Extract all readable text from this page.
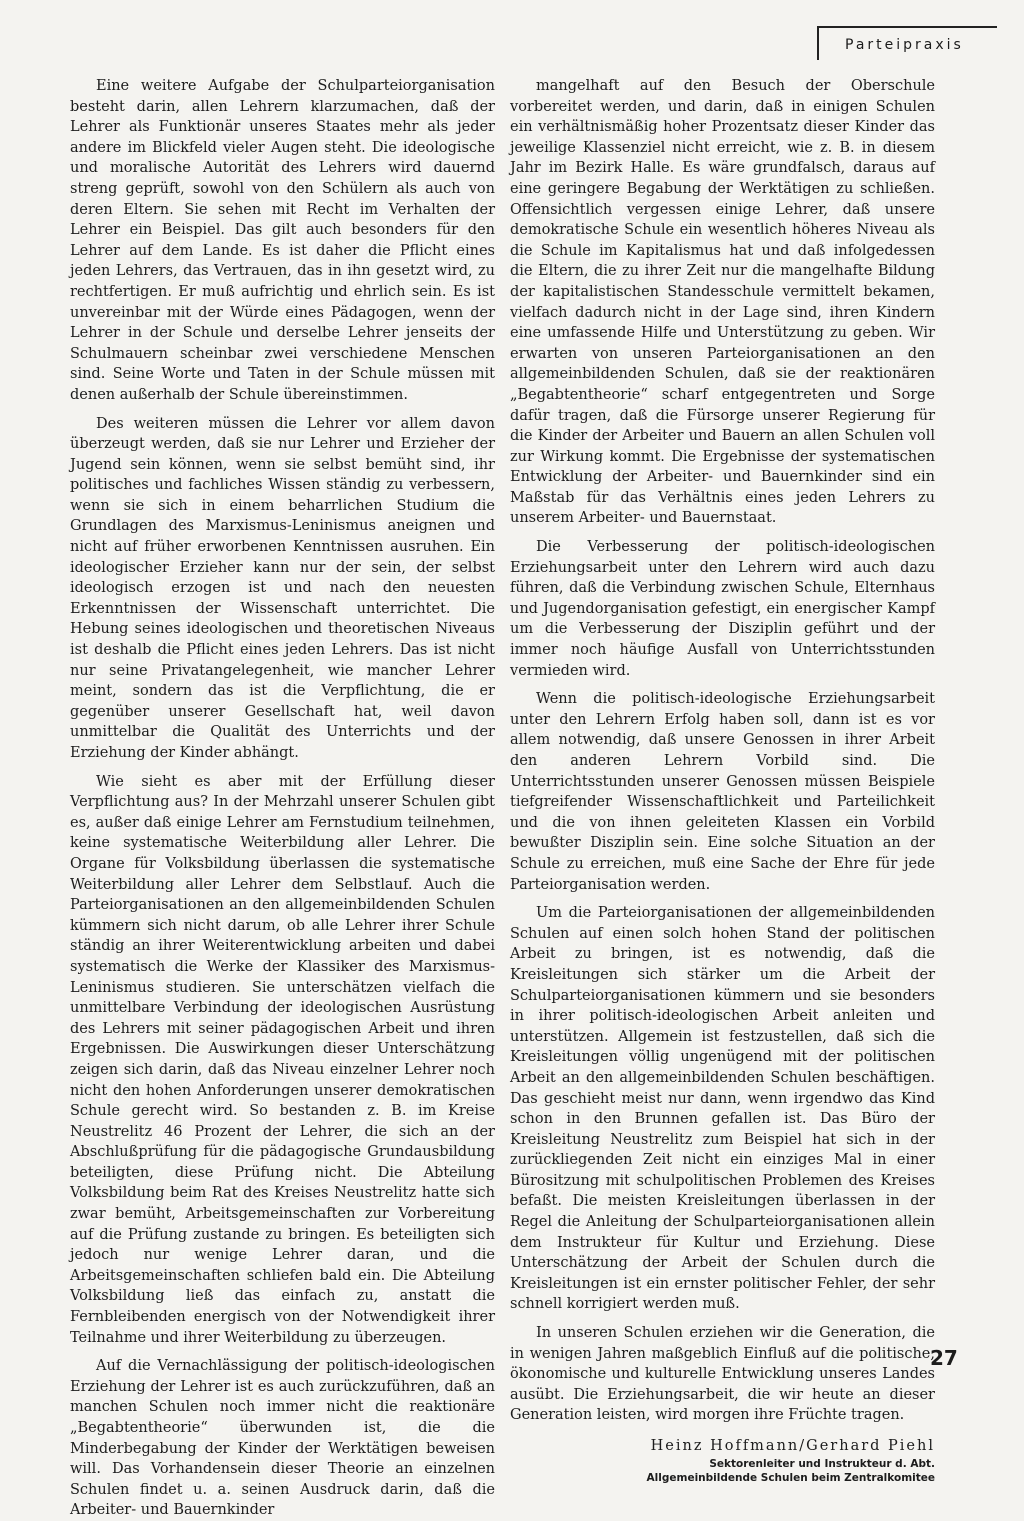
Parteipraxis

Eine weitere Aufgabe der Schulparteiorganisation besteht darin, allen Lehrern klarzumachen, daß der Lehrer als Funktionär unseres Staates mehr als jeder andere im Blickfeld vieler Augen steht. Die ideologische und moralische Autorität des Lehrers wird dauernd streng geprüft, sowohl von den Schülern als auch von deren Eltern. Sie sehen mit Recht im Verhalten der Lehrer ein Beispiel. Das gilt auch besonders für den Lehrer auf dem Lande. Es ist daher die Pflicht eines jeden Lehrers, das Vertrauen, das in ihn gesetzt wird, zu rechtfertigen. Er muß aufrichtig und ehrlich sein. Es ist unvereinbar mit der Würde eines Pädagogen, wenn der Lehrer in der Schule und derselbe Lehrer jenseits der Schulmauern scheinbar zwei verschiedene Menschen sind. Seine Worte und Taten in der Schule müssen mit denen außerhalb der Schule übereinstimmen.

Des weiteren müssen die Lehrer vor allem davon überzeugt werden, daß sie nur Lehrer und Erzieher der Jugend sein können, wenn sie selbst bemüht sind, ihr politisches und fachliches Wissen ständig zu verbessern, wenn sie sich in einem beharrlichen Studium die Grundlagen des Marxismus-Leninismus aneignen und nicht auf früher erworbenen Kenntnissen ausruhen. Ein ideologischer Erzieher kann nur der sein, der selbst ideologisch erzogen ist und nach den neuesten Erkenntnissen der Wissenschaft unterrichtet. Die Hebung seines ideologischen und theoretischen Niveaus ist deshalb die Pflicht eines jeden Lehrers. Das ist nicht nur seine Privatangelegenheit, wie mancher Lehrer meint, sondern das ist die Verpflichtung, die er gegenüber unserer Gesellschaft hat, weil davon unmittelbar die Qualität des Unterrichts und der Erziehung der Kinder abhängt.

Wie sieht es aber mit der Erfüllung dieser Verpflichtung aus? In der Mehrzahl unserer Schulen gibt es, außer daß einige Lehrer am Fernstudium teilnehmen, keine systematische Weiterbildung aller Lehrer. Die Organe für Volksbildung überlassen die systematische Weiterbildung aller Lehrer dem Selbstlauf. Auch die Parteiorganisationen an den allgemeinbildenden Schulen kümmern sich nicht darum, ob alle Lehrer ihrer Schule ständig an ihrer Weiterentwicklung arbeiten und dabei systematisch die Werke der Klassiker des Marxismus-Leninismus studieren. Sie unterschätzen vielfach die unmittelbare Verbindung der ideologischen Ausrüstung des Lehrers mit seiner pädagogischen Arbeit und ihren Ergebnissen. Die Auswirkungen dieser Unterschätzung zeigen sich darin, daß das Niveau einzelner Lehrer noch nicht den hohen Anforderungen unserer demokratischen Schule gerecht wird. So bestanden z. B. im Kreise Neustrelitz 46 Prozent der Lehrer, die sich an der Abschlußprüfung für die pädagogische Grundausbildung beteiligten, diese Prüfung nicht. Die Abteilung Volksbildung beim Rat des Kreises Neustrelitz hatte sich zwar bemüht, Arbeitsgemeinschaften zur Vorbereitung auf die Prüfung zustande zu bringen. Es beteiligten sich jedoch nur wenige Lehrer daran, und die Arbeitsgemeinschaften schliefen bald ein. Die Abteilung Volksbildung ließ das einfach zu, anstatt die Fernbleibenden energisch von der Notwendigkeit ihrer Teilnahme und ihrer Weiterbildung zu überzeugen.

Auf die Vernachlässigung der politisch-ideologischen Erziehung der Lehrer ist es auch zurückzuführen, daß an manchen Schulen noch immer nicht die reaktionäre „Begabtentheorie“ überwunden ist, die die Minderbegabung der Kinder der Werktätigen beweisen will. Das Vorhandensein dieser Theorie an einzelnen Schulen findet u. a. seinen Ausdruck darin, daß die Arbeiter- und Bauernkinder

mangelhaft auf den Besuch der Oberschule vorbereitet werden, und darin, daß in einigen Schulen ein verhältnismäßig hoher Prozentsatz dieser Kinder das jeweilige Klassenziel nicht erreicht, wie z. B. in diesem Jahr im Bezirk Halle. Es wäre grundfalsch, daraus auf eine geringere Begabung der Werktätigen zu schließen. Offensichtlich vergessen einige Lehrer, daß unsere demokratische Schule ein wesentlich höheres Niveau als die Schule im Kapitalismus hat und daß infolgedessen die Eltern, die zu ihrer Zeit nur die mangelhafte Bildung der kapitalistischen Standesschule vermittelt bekamen, vielfach dadurch nicht in der Lage sind, ihren Kindern eine umfassende Hilfe und Unterstützung zu geben. Wir erwarten von unseren Parteiorganisationen an den allgemeinbildenden Schulen, daß sie der reaktionären „Begabtentheorie“ scharf entgegentreten und Sorge dafür tragen, daß die Fürsorge unserer Regierung für die Kinder der Arbeiter und Bauern an allen Schulen voll zur Wirkung kommt. Die Ergebnisse der systematischen Entwicklung der Arbeiter- und Bauernkinder sind ein Maßstab für das Verhältnis eines jeden Lehrers zu unserem Arbeiter- und Bauernstaat.

Die Verbesserung der politisch-ideologischen Erziehungsarbeit unter den Lehrern wird auch dazu führen, daß die Verbindung zwischen Schule, Elternhaus und Jugendorganisation gefestigt, ein energischer Kampf um die Verbesserung der Disziplin geführt und der immer noch häufige Ausfall von Unterrichtsstunden vermieden wird.

Wenn die politisch-ideologische Erziehungsarbeit unter den Lehrern Erfolg haben soll, dann ist es vor allem notwendig, daß unsere Genossen in ihrer Arbeit den anderen Lehrern Vorbild sind. Die Unterrichtsstunden unserer Genossen müssen Beispiele tiefgreifender Wissenschaftlichkeit und Parteilichkeit und die von ihnen geleiteten Klassen ein Vorbild bewußter Disziplin sein. Eine solche Situation an der Schule zu erreichen, muß eine Sache der Ehre für jede Parteiorganisation werden.

Um die Parteiorganisationen der allgemeinbildenden Schulen auf einen solch hohen Stand der politischen Arbeit zu bringen, ist es notwendig, daß die Kreisleitungen sich stärker um die Arbeit der Schulparteiorganisationen kümmern und sie besonders in ihrer politisch-ideologischen Arbeit anleiten und unterstützen. Allgemein ist festzustellen, daß sich die Kreisleitungen völlig ungenügend mit der politischen Arbeit an den allgemeinbildenden Schulen beschäftigen. Das geschieht meist nur dann, wenn irgendwo das Kind schon in den Brunnen gefallen ist. Das Büro der Kreisleitung Neustrelitz zum Beispiel hat sich in der zurückliegenden Zeit nicht ein einziges Mal in einer Bürositzung mit schulpolitischen Problemen des Kreises befaßt. Die meisten Kreisleitungen überlassen in der Regel die Anleitung der Schulparteiorganisationen allein dem Instrukteur für Kultur und Erziehung. Diese Unterschätzung der Arbeit der Schulen durch die Kreisleitungen ist ein ernster politischer Fehler, der sehr schnell korrigiert werden muß.

In unseren Schulen erziehen wir die Generation, die in wenigen Jahren maßgeblich Einfluß auf die politische, ökonomische und kulturelle Entwicklung unseres Landes ausübt. Die Erziehungsarbeit, die wir heute an dieser Generation leisten, wird morgen ihre Früchte tragen.

Heinz Hoffmann/Gerhard Piehl
Sektorenleiter und Instrukteur d. Abt.
Allgemeinbildende Schulen beim Zentralkomitee
27
